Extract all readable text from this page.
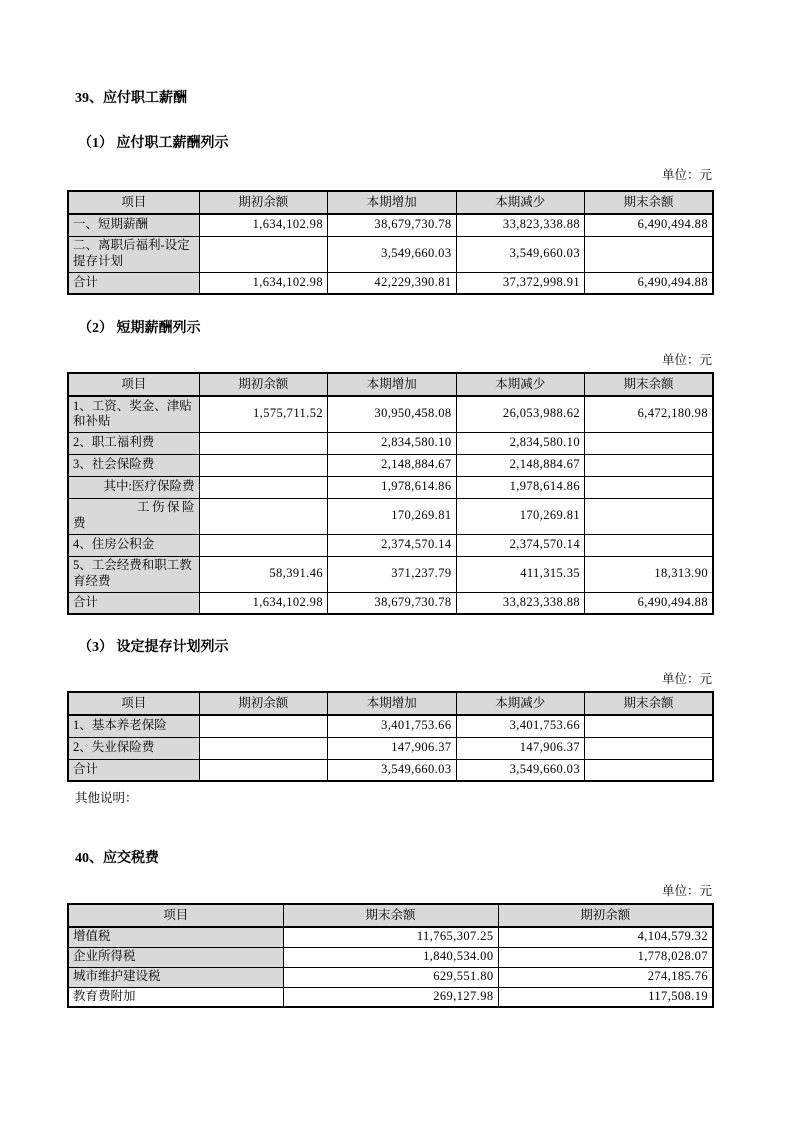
39、应付职工薪酬
（1） 应付职工薪酬列示
单位：元
项目	期初余额	本期增加	本期减少	期末余额
一、短期薪酬	1,634,102.98	38,679,730.78	33,823,338.88	6,490,494.88
二、离职后福利-设定提存计划		3,549,660.03	3,549,660.03	
合计	1,634,102.98	42,229,390.81	37,372,998.91	6,490,494.88
（2） 短期薪酬列示
单位：元
项目	期初余额	本期增加	本期减少	期末余额
1、工资、奖金、津贴和补贴	1,575,711.52	30,950,458.08	26,053,988.62	6,472,180.98
2、职工福利费		2,834,580.10	2,834,580.10	
3、社会保险费		2,148,884.67	2,148,884.67	
其中:医疗保险费		1,978,614.86	1,978,614.86	
工伤保险费		170,269.81	170,269.81	
4、住房公积金		2,374,570.14	2,374,570.14	
5、工会经费和职工教育经费	58,391.46	371,237.79	411,315.35	18,313.90
合计	1,634,102.98	38,679,730.78	33,823,338.88	6,490,494.88
（3） 设定提存计划列示
单位：元
项目	期初余额	本期增加	本期减少	期末余额
1、基本养老保险		3,401,753.66	3,401,753.66	
2、失业保险费		147,906.37	147,906.37	
合计		3,549,660.03	3,549,660.03	
其他说明：
40、应交税费
单位：元
项目	期末余额	期初余额
增值税	11,765,307.25	4,104,579.32
企业所得税	1,840,534.00	1,778,028.07
城市维护建设税	629,551.80	274,185.76
教育费附加	269,127.98	117,508.19
